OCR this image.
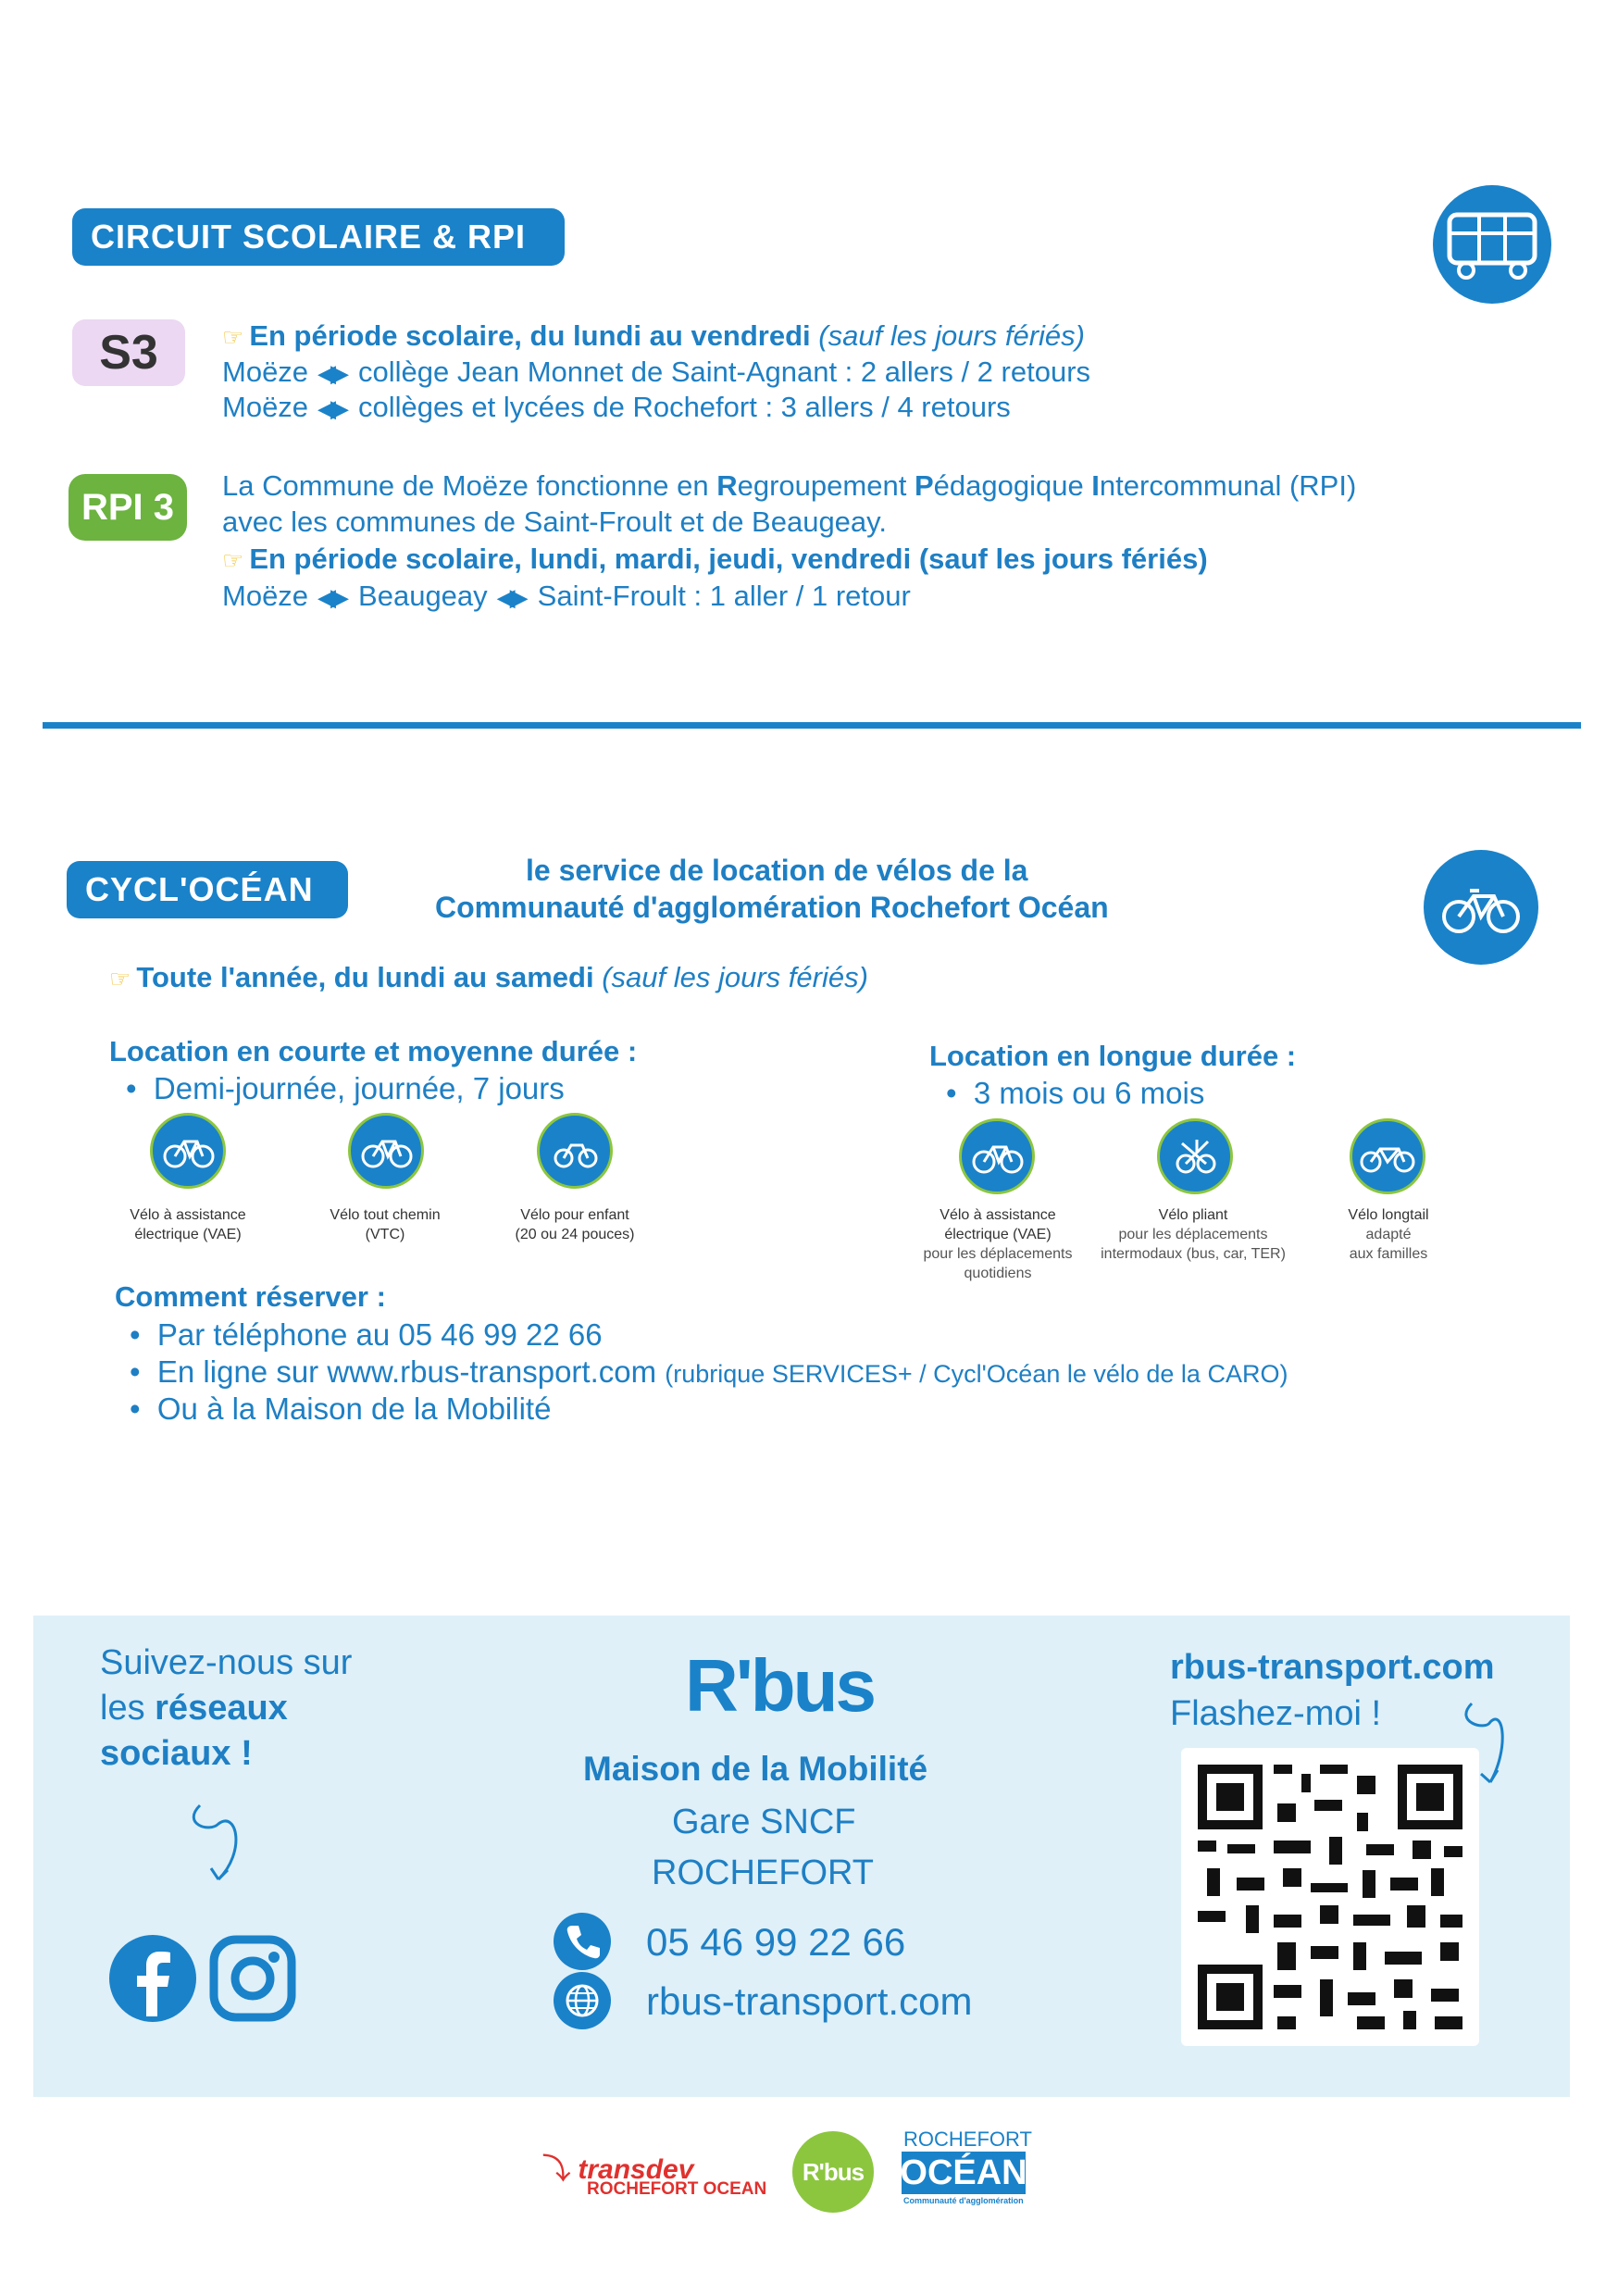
CIRCUIT SCOLAIRE & RPI
S3	☞ En période scolaire, du lundi au vendredi (sauf les jours fériés)
Moëze ◀▶ collège Jean Monnet de Saint-Agnant : 2 allers / 2 retours
Moëze ◀▶ collèges et lycées de Rochefort : 3 allers / 4 retours
RPI 3
La Commune de Moëze fonctionne en Regroupement Pédagogique Intercommunal (RPI)
avec les communes de Saint-Froult et de Beaugeay.
☞ En période scolaire, lundi, mardi, jeudi, vendredi (sauf les jours fériés)
Moëze ◀▶ Beaugeay ◀▶ Saint-Froult : 1 aller / 1 retour
CYCL'OCÉAN	le service de location de vélos de la
Communauté d'agglomération Rochefort Océan
☞ Toute l'année, du lundi au samedi (sauf les jours fériés)
Location en courte et moyenne durée :
•  Demi-journée, journée, 7 jours
Vélo à assistance
électrique (VAE)
Vélo tout chemin
(VTC)
Vélo pour enfant
(20 ou 24 pouces)
Location en longue durée :
•  3 mois ou 6 mois
Vélo à assistance
électrique (VAE)
pour les déplacements
quotidiens
Vélo pliant
pour les déplacements
intermodaux (bus, car, TER)
Vélo longtail
adapté
aux familles
Comment réserver :
•  Par téléphone au 05 46 99 22 66
•  En ligne sur www.rbus-transport.com (rubrique SERVICES+ / Cycl'Océan le vélo de la CARO)
•  Ou à la Maison de la Mobilité
Suivez-nous sur
les réseaux
sociaux !
R'bus
Maison de la Mobilité
Gare SNCF
ROCHEFORT
05 46 99 22 66
rbus-transport.com
rbus-transport.com
Flashez-moi !
⤵ transdev
ROCHEFORT OCEAN
R'bus
ROCHEFORT
OCÉAN
Communauté d'agglomération
